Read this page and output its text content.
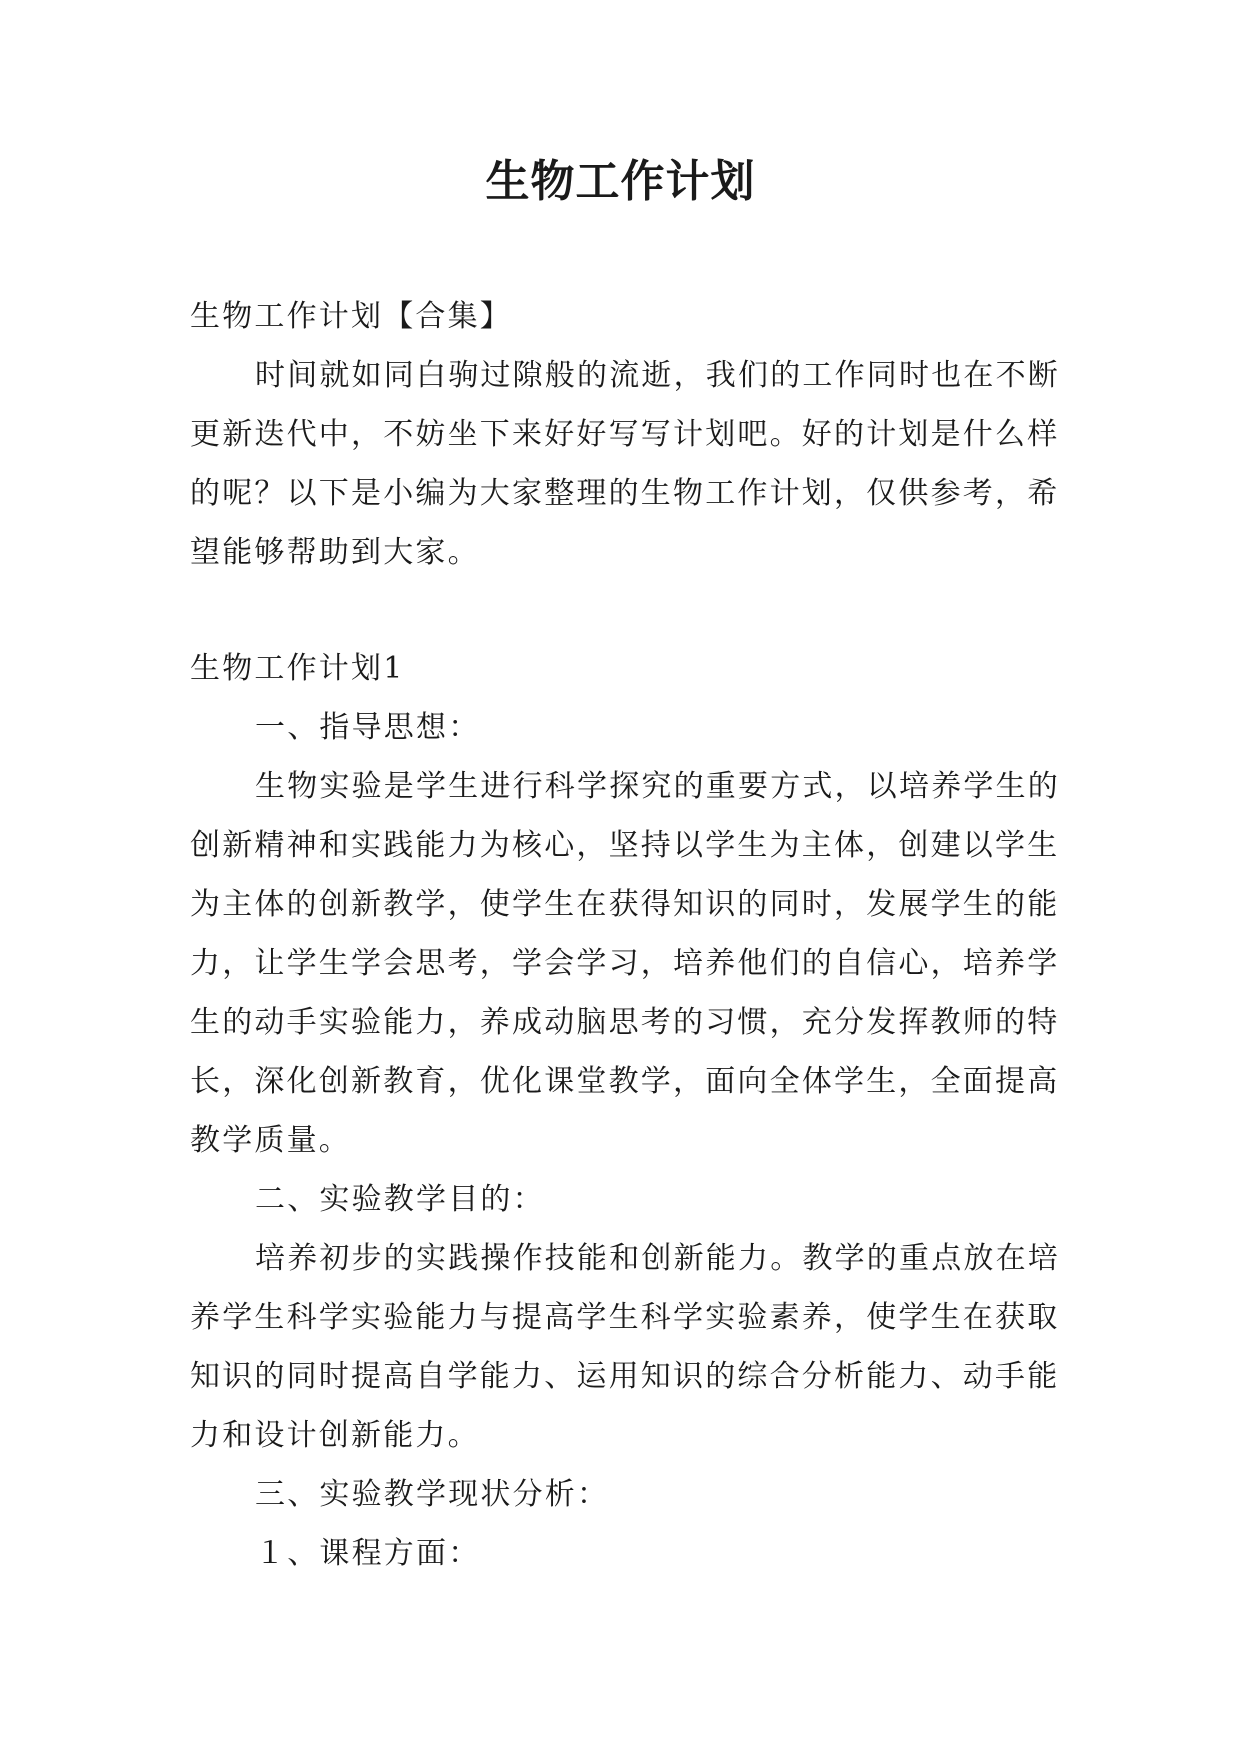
生物工作计划

生物工作计划【合集】

时间就如同白驹过隙般的流逝，我们的工作同时也在不断更新迭代中，不妨坐下来好好写写计划吧。好的计划是什么样的呢？以下是小编为大家整理的生物工作计划，仅供参考，希望能够帮助到大家。

生物工作计划1

一、指导思想：

生物实验是学生进行科学探究的重要方式，以培养学生的创新精神和实践能力为核心，坚持以学生为主体，创建以学生为主体的创新教学，使学生在获得知识的同时，发展学生的能力，让学生学会思考，学会学习，培养他们的自信心，培养学生的动手实验能力，养成动脑思考的习惯，充分发挥教师的特长，深化创新教育，优化课堂教学，面向全体学生，全面提高教学质量。

二、实验教学目的：

培养初步的实践操作技能和创新能力。教学的重点放在培养学生科学实验能力与提高学生科学实验素养，使学生在获取知识的同时提高自学能力、运用知识的综合分析能力、动手能力和设计创新能力。

三、实验教学现状分析：

１、课程方面：
